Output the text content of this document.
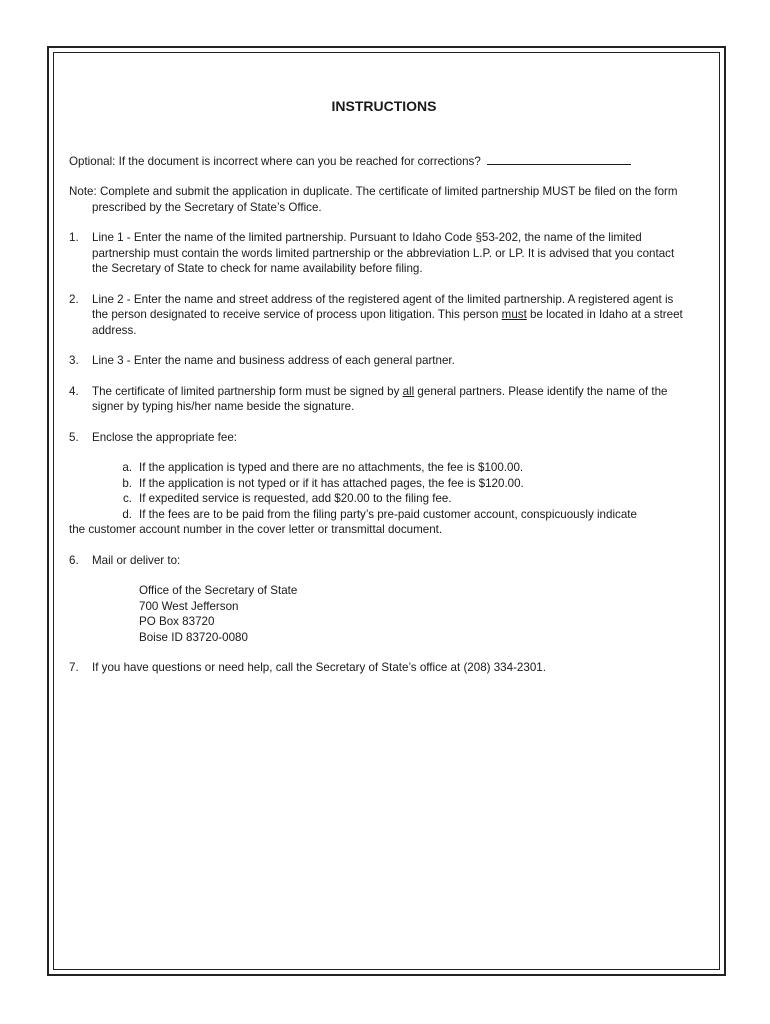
INSTRUCTIONS

Optional: If the document is incorrect where can you be reached for corrections?

Note: Complete and submit the application in duplicate. The certificate of limited partnership MUST be filed on the form prescribed by the Secretary of State’s Office.

1.	Line 1 - Enter the name of the limited partnership. Pursuant to Idaho Code §53-202, the name of the limited partnership must contain the words limited partnership or the abbreviation L.P. or LP. It is advised that you contact the Secretary of State to check for name availability before filing.
2.	Line 2 - Enter the name and street address of the registered agent of the limited partnership. A registered agent is the person designated to receive service of process upon litigation. This person must be located in Idaho at a street address.
3.	Line 3 - Enter the name and business address of each general partner.
4.	The certificate of limited partnership form must be signed by all general partners. Please identify the name of the signer by typing his/her name beside the signature.
5.	Enclose the appropriate fee:
a. If the application is typed and there are no attachments, the fee is $100.00.
b. If the application is not typed or if it has attached pages, the fee is $120.00.
c. If expedited service is requested, add $20.00 to the filing fee.
d. If the fees are to be paid from the filing party’s pre-paid customer account, conspicuously indicate
the customer account number in the cover letter or transmittal document.
6.	Mail or deliver to:
Office of the Secretary of State
700 West Jefferson
PO Box 83720
Boise ID 83720-0080
7.	If you have questions or need help, call the Secretary of State’s office at (208) 334-2301.
